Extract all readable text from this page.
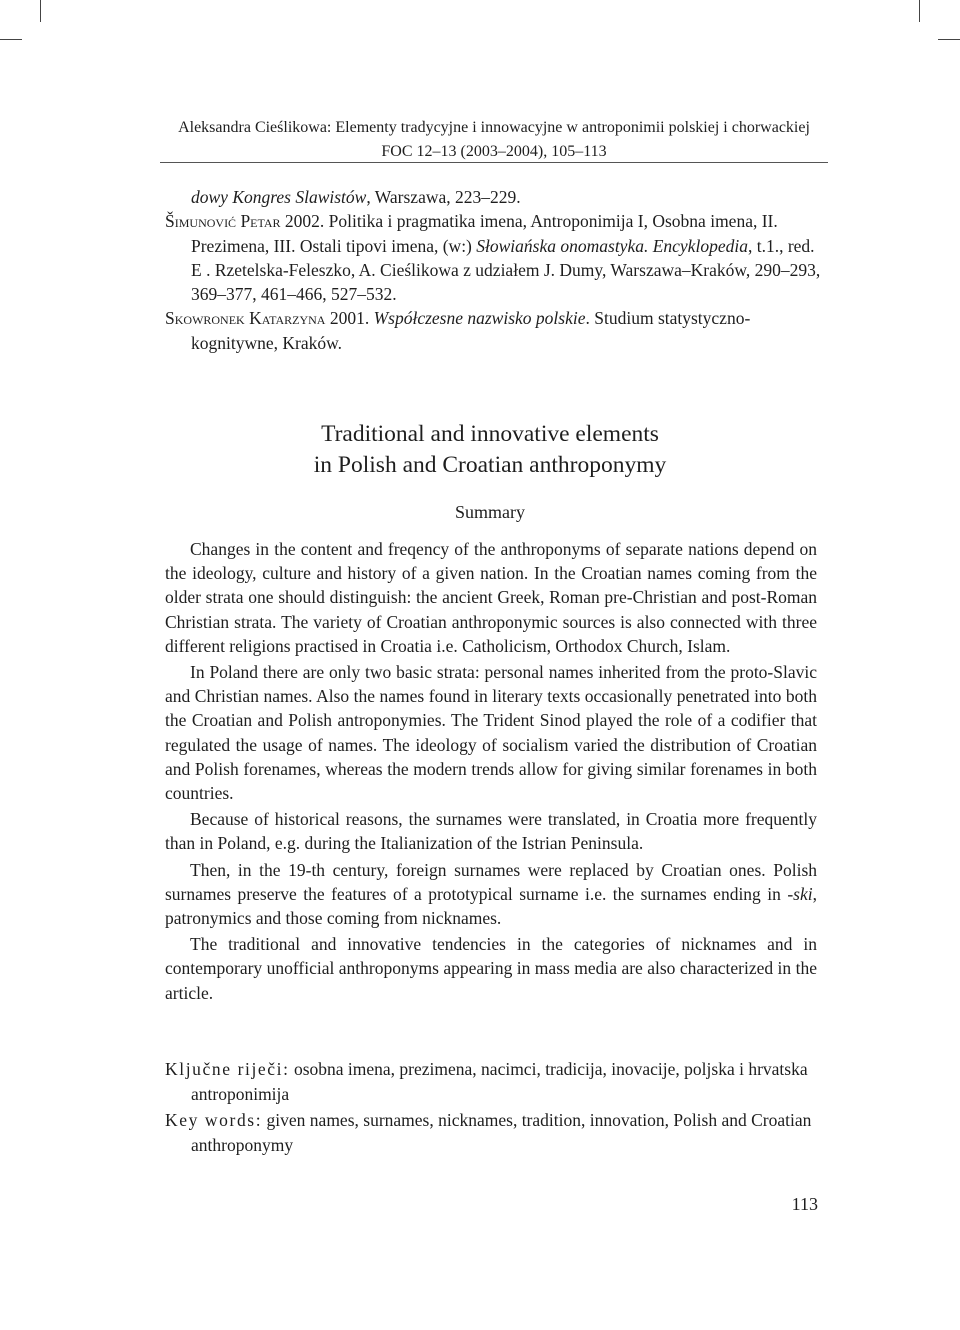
Aleksandra Cieślikowa: Elementy tradycyjne i innowacyjne w antroponimii polskiej i chorwackiej
FOC 12–13 (2003–2004), 105–113

dowy Kongres Slawistów, Warszawa, 223–229.

Šimunović Petar 2002. Politika i pragmatika imena, Antroponimija I, Osobna imena, II. Prezimena, III. Ostali tipovi imena, (w:) Słowiańska onomastyka. Encyklopedia, t.1., red. E . Rzetelska-Feleszko, A. Cieślikowa z udziałem J. Dumy, Warszawa–Kraków, 290–293, 369–377, 461–466, 527–532.

Skowronek Katarzyna 2001. Współczesne nazwisko polskie. Studium statystyczno-kognitywne, Kraków.

Traditional and innovative elements
in Polish and Croatian anthroponymy
Summary

Changes in the content and freqency of the anthroponyms of separate nations depend on the ideology, culture and history of a given nation. In the Croatian names coming from the older strata one should distinguish: the ancient Greek, Roman pre-Christian and post-Roman Christian strata. The variety of Croatian anthroponymic sources is also connected with three different religions practised in Croatia i.e. Catholicism, Orthodox Church, Islam.

In Poland there are only two basic strata: personal names inherited from the proto-Slavic and Christian names. Also the names found in literary texts occasionally penetrated into both the Croatian and Polish antroponymies. The Trident Sinod played the role of a codifier that regulated the usage of names. The ideology of socialism varied the distribution of Croatian and Polish forenames, whereas the modern trends allow for giving similar forenames in both countries.

Because of historical reasons, the surnames were translated, in Croatia more frequently than in Poland, e.g. during the Italianization of the Istrian Peninsula.

Then, in the 19-th century, foreign surnames were replaced by Croatian ones. Polish surnames preserve the features of a prototypical surname i.e. the surnames ending in -ski, patronymics and those coming from nicknames.

The traditional and innovative tendencies in the categories of nicknames and in contemporary unofficial anthroponyms appearing in mass media are also characterized in the article.

Ključne riječi: osobna imena, prezimena, nacimci, tradicija, inovacije, poljska i hrvatska antroponimija

Key words: given names, surnames, nicknames, tradition, innovation, Polish and Croatian anthroponymy

113
